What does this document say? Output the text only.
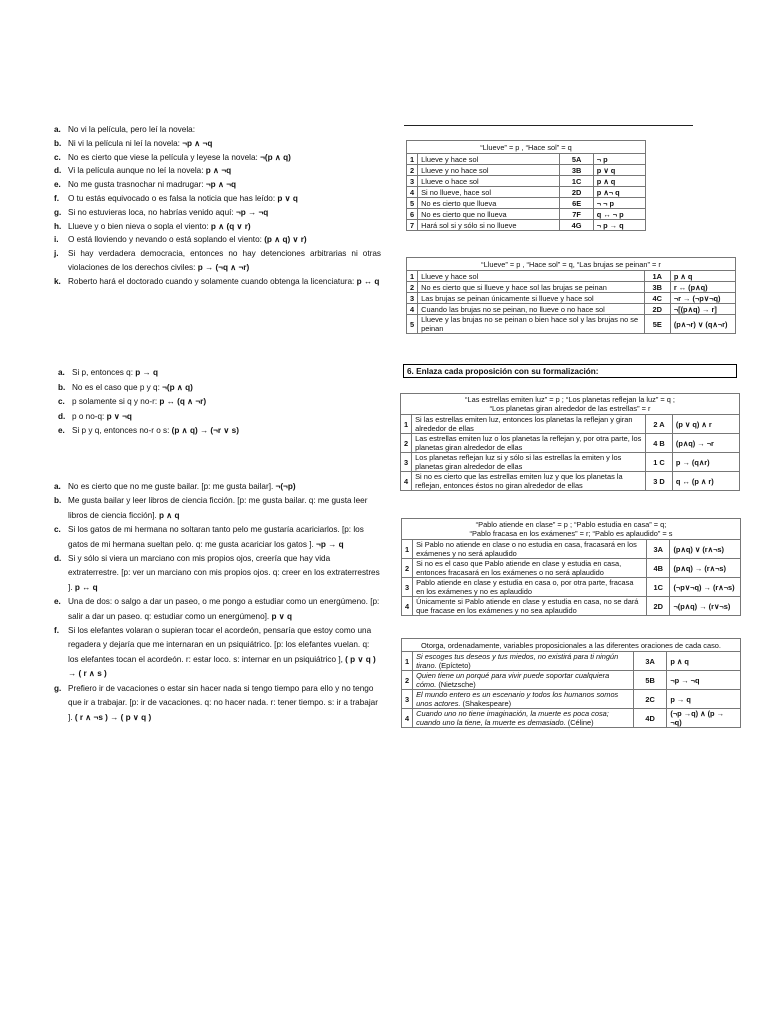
a. No vi la película, pero leí la novela:
b. Ni vi la película ni leí la novela: ¬p ∧ ¬q
c. No es cierto que viese la película y leyese la novela: ¬(p ∧ q)
d. Vi la película aunque no leí la novela: p ∧ ¬q
e. No me gusta trasnochar ni madrugar: ¬p ∧ ¬q
f. O tu estás equivocado o es falsa la noticia que has leído: p ∨ q
g. Si no estuvieras loca, no habrías venido aquí: ¬p → ¬q
h. Llueve y o bien nieva o sopla el viento: p ∧ (q ∨ r)
i. O está lloviendo y nevando o está soplando el viento: (p ∧ q) ∨ r)
j. Si hay verdadera democracia, entonces no hay detenciones arbitrarias ni otras violaciones de los derechos civiles: p → (¬q ∧ ¬r)
k. Roberto hará el doctorado cuando y solamente cuando obtenga la licenciatura: p ↔ q
a. Si p, entonces q: p → q
b. No es el caso que p y q: ¬(p ∧ q)
c. p solamente si q y no-r: p ↔ (q ∧ ¬r)
d. p o no-q: p ∨ ¬q
e. Si p y q, entonces no-r o s: (p ∧ q) → (¬r ∨ s)
a. No es cierto que no me guste bailar. [p: me gusta bailar]. ¬(¬p)
b. Me gusta bailar y leer libros de ciencia ficción. [p: me gusta bailar. q: me gusta leer libros de ciencia ficción]. p ∧ q
c. Si los gatos de mi hermana no soltaran tanto pelo me gustaría acariciarlos. [p: los gatos de mi hermana sueltan pelo. q: me gusta acariciar los gatos ]. ¬p → q
d. Si y sólo si viera un marciano con mis propios ojos, creería que hay vida extraterrestre. [p: ver un marciano con mis propios ojos. q: creer en los extraterrestres ]. p ↔ q
e. Una de dos: o salgo a dar un paseo, o me pongo a estudiar como un energúmeno. [p: salir a dar un paseo. q: estudiar como un energúmeno]. p ∨ q
f. Si los elefantes volaran o supieran tocar el acordeón, pensaría que estoy como una regadera y dejaría que me internaran en un psiquiátrico. [p: los elefantes vuelan. q: los elefantes tocan el acordeón. r: estar loco. s: internar en un psiquiátrico ], ( p ∨ q ) → ( r ∧ s )
g. Prefiero ir de vacaciones o estar sin hacer nada si tengo tiempo para ello y no tengo que ir a trabajar. [p: ir de vacaciones. q: no hacer nada. r: tener tiempo. s: ir a trabajar ]. ( r ∧ ¬s ) → ( p ∨ q )
“Llueve” = p , “Hace sol” = q			
1	Llueve y hace sol	5A	¬ p
2	Llueve y no hace sol	3B	p ∨ q
3	Llueve o hace sol	1C	p ∧ q
4	Si no llueve, hace sol	2D	p ∧¬ q
5	No es cierto que llueva	6E	¬ ¬ p
6	No es cierto que no llueva	7F	q ↔ ¬ p
7	Hará sol si y sólo si no llueve	4G	¬ p → q
“Llueve” = p , “Hace sol” = q, “Las brujas se peinan” = r			
1	Llueve y hace sol	1A	p ∧ q
2	No es cierto que si llueve y hace sol las brujas se peinan	3B	r ↔ (p∧q)
3	Las brujas se peinan únicamente si llueve y hace sol	4C	¬r → (¬p∨¬q)
4	Cuando las brujas no se peinan, no llueve o no hace sol	2D	¬[(p∧q) → r]
5	Llueve y las brujas no se peinan o bien hace sol y las brujas no se peinan	5E	(p∧¬r) ∨ (q∧¬r)
6. Enlaza cada proposición con su formalización:
“Las estrellas emiten luz” = p ; “Los planetas reflejan la luz” = q ;
“Los planetas giran alrededor de las estrellas” = r			

1	Si las estrellas emiten luz, entonces los planetas la reflejan y giran alrededor de ellas	2 A	(p ∨ q) ∧ r
2	Las estrellas emiten luz o los planetas la reflejan y, por otra parte, los planetas giran alrededor de ellas	4 B	(p∧q) → ¬r
3	Los planetas reflejan luz si y sólo si las estrellas la emiten y los planetas giran alrededor de ellas	1 C	p → (q∧r)
4	Si no es cierto que las estrellas emiten luz y que los planetas la reflejan, entonces éstos no giran alrededor de ellas	3 D	q ↔ (p ∧ r)
“Pablo atiende en clase” = p ; “Pablo estudia en casa” = q;
“Pablo fracasa en los exámenes” = r; “Pablo es aplaudido” = s			

1	Si Pablo no atiende en clase o no estudia en casa, fracasará en los exámenes y no será aplaudido	3A	(p∧q) ∨ (r∧¬s)
2	Si no es el caso que Pablo atiende en clase y estudia en casa, entonces fracasará en los exámenes o no será aplaudido	4B	(p∧q) → (r∧¬s)
3	Pablo atiende en clase y estudia en casa o, por otra parte, fracasa en los exámenes y no es aplaudido	1C	(¬p∨¬q) → (r∧¬s)
4	Únicamente si Pablo atiende en clase y estudia en casa, no se dará que fracase en los exámenes y no sea aplaudido	2D	¬(p∧q) → (r∨¬s)
Otorga, ordenadamente, variables proposicionales a las diferentes oraciones de cada caso.			
1	Si escoges tus deseos y tus miedos, no existirá para ti ningún tirano. (Epícteto)	3A	p ∧ q
2	Quien tiene un porqué para vivir puede soportar cualquiera cómo. (Nietzsche)	5B	¬p → ¬q
3	El mundo entero es un escenario y todos los humanos somos unos actores. (Shakespeare)	2C	p → q
4	Cuando uno no tiene imaginación, la muerte es poca cosa; cuando uno la tiene, la muerte es demasiado. (Céline)	4D	(¬p →q) ∧ (p → ¬q)
